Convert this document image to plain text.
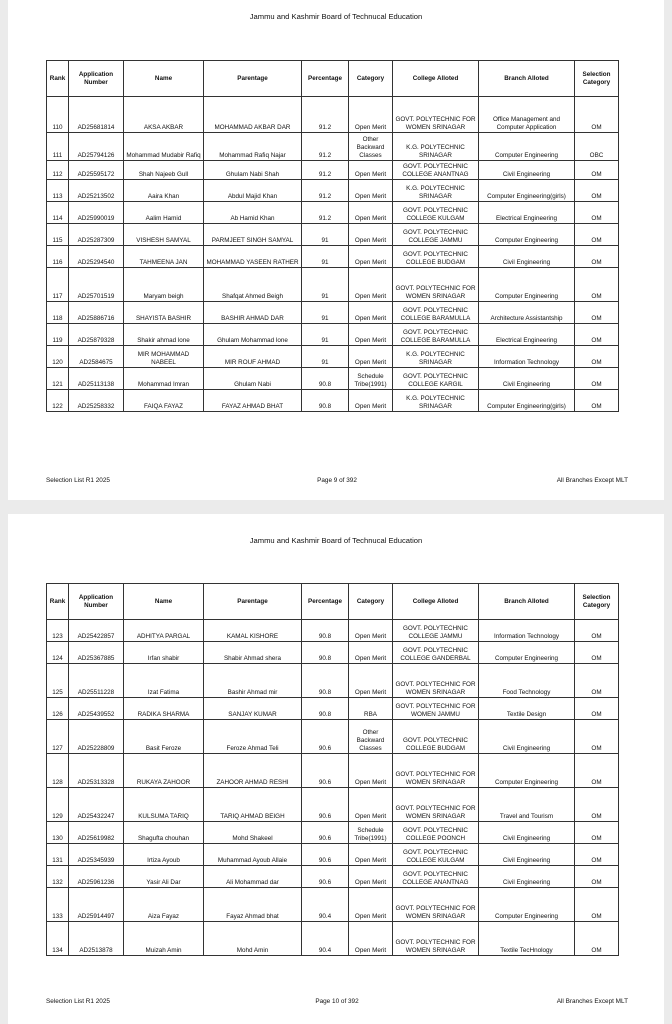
Jammu and Kashmir Board of Technucal Education
Rank	Application Number	Name	Parentage	Percentage	Category	College Alloted	Branch Alloted	Selection Category
110	AD25681814	AKSA AKBAR	MOHAMMAD AKBAR DAR	91.2	Open Merit	GOVT. POLYTECHNIC FOR WOMEN SRINAGAR	Office Management and Computer Application	OM
111	AD25794126	Mohammad Mudabir Rafiq	Mohammad Rafiq Najar	91.2	Other Backward Classes	K.G. POLYTECHNIC SRINAGAR	Computer Engineering	OBC
112	AD25595172	Shah Najeeb Gull	Ghulam Nabi Shah	91.2	Open Merit	GOVT. POLYTECHNIC COLLEGE ANANTNAG	Civil Engineering	OM
113	AD25213502	Aaira Khan	Abdul Majid Khan	91.2	Open Merit	K.G. POLYTECHNIC SRINAGAR	Computer Engineering(girls)	OM
114	AD25990019	Aalim Hamid	Ab Hamid Khan	91.2	Open Merit	GOVT. POLYTECHNIC COLLEGE KULGAM	Electrical Engineering	OM
115	AD25287309	VISHESH SAMYAL	PARMJEET SINGH SAMYAL	91	Open Merit	GOVT. POLYTECHNIC COLLEGE JAMMU	Computer Engineering	OM
116	AD25294540	TAHMEENA JAN	MOHAMMAD YASEEN RATHER	91	Open Merit	GOVT. POLYTECHNIC COLLEGE BUDGAM	Civil Engineering	OM
117	AD25701519	Maryam beigh	Shafqat Ahmed Beigh	91	Open Merit	GOVT. POLYTECHNIC FOR WOMEN SRINAGAR	Computer Engineering	OM
118	AD25886716	SHAYISTA BASHIR	BASHIR AHMAD DAR	91	Open Merit	GOVT. POLYTECHNIC COLLEGE BARAMULLA	Architecture Assistantship	OM
119	AD25879328	Shakir ahmad lone	Ghulam Mohammad lone	91	Open Merit	GOVT. POLYTECHNIC COLLEGE BARAMULLA	Electrical Engineering	OM
120	AD2584675	MIR MOHAMMAD NABEEL	MIR ROUF AHMAD	91	Open Merit	K.G. POLYTECHNIC SRINAGAR	Information Technology	OM
121	AD25113138	Mohammad Imran	Ghulam Nabi	90.8	Schedule Tribe(1991)	GOVT. POLYTECHNIC COLLEGE KARGIL	Civil Engineering	OM
122	AD25258332	FAIQA FAYAZ	FAYAZ AHMAD BHAT	90.8	Open Merit	K.G. POLYTECHNIC SRINAGAR	Computer Engineering(girls)	OM
Selection List R1 2025	Page 9 of 392	All Branches Except MLT
Jammu and Kashmir Board of Technucal Education
Rank	Application Number	Name	Parentage	Percentage	Category	College Alloted	Branch Alloted	Selection Category
123	AD25422857	ADHITYA PARGAL	KAMAL KISHORE	90.8	Open Merit	GOVT. POLYTECHNIC COLLEGE JAMMU	Information Technology	OM
124	AD25367885	Irfan shabir	Shabir Ahmad shera	90.8	Open Merit	GOVT. POLYTECHNIC COLLEGE GANDERBAL	Computer Engineering	OM
125	AD25511228	Izat Fatima	Bashir Ahmad mir	90.8	Open Merit	GOVT. POLYTECHNIC FOR WOMEN SRINAGAR	Food Technology	OM
126	AD25439552	RADIKA SHARMA	SANJAY KUMAR	90.8	RBA	GOVT. POLYTECHNIC FOR WOMEN JAMMU	Textile Design	OM
127	AD25228809	Basit Feroze	Feroze Ahmad Teli	90.6	Other Backward Classes	GOVT. POLYTECHNIC COLLEGE BUDGAM	Civil Engineering	OM
128	AD25313328	RUKAYA ZAHOOR	ZAHOOR AHMAD RESHI	90.6	Open Merit	GOVT. POLYTECHNIC FOR WOMEN SRINAGAR	Computer Engineering	OM
129	AD25432247	KULSUMA TARIQ	TARIQ AHMAD BEIGH	90.6	Open Merit	GOVT. POLYTECHNIC FOR WOMEN SRINAGAR	Travel and Tourism	OM
130	AD25619982	Shagufta chouhan	Mohd Shakeel	90.6	Schedule Tribe(1991)	GOVT. POLYTECHNIC COLLEGE POONCH	Civil Engineering	OM
131	AD25345939	Irtiza Ayoub	Muhammad Ayoub Allaie	90.6	Open Merit	GOVT. POLYTECHNIC COLLEGE KULGAM	Civil Engineering	OM
132	AD25961236	Yasir Ali Dar	Ali Mohammad dar	90.6	Open Merit	GOVT. POLYTECHNIC COLLEGE ANANTNAG	Civil Engineering	OM
133	AD25914497	Aiza Fayaz	Fayaz Ahmad bhat	90.4	Open Merit	GOVT. POLYTECHNIC FOR WOMEN SRINAGAR	Computer Engineering	OM
134	AD2513878	Muizah Amin	Mohd Amin	90.4	Open Merit	GOVT. POLYTECHNIC FOR WOMEN SRINAGAR	Textile TecHnology	OM
Selection List R1 2025	Page 10 of 392	All Branches Except MLT
